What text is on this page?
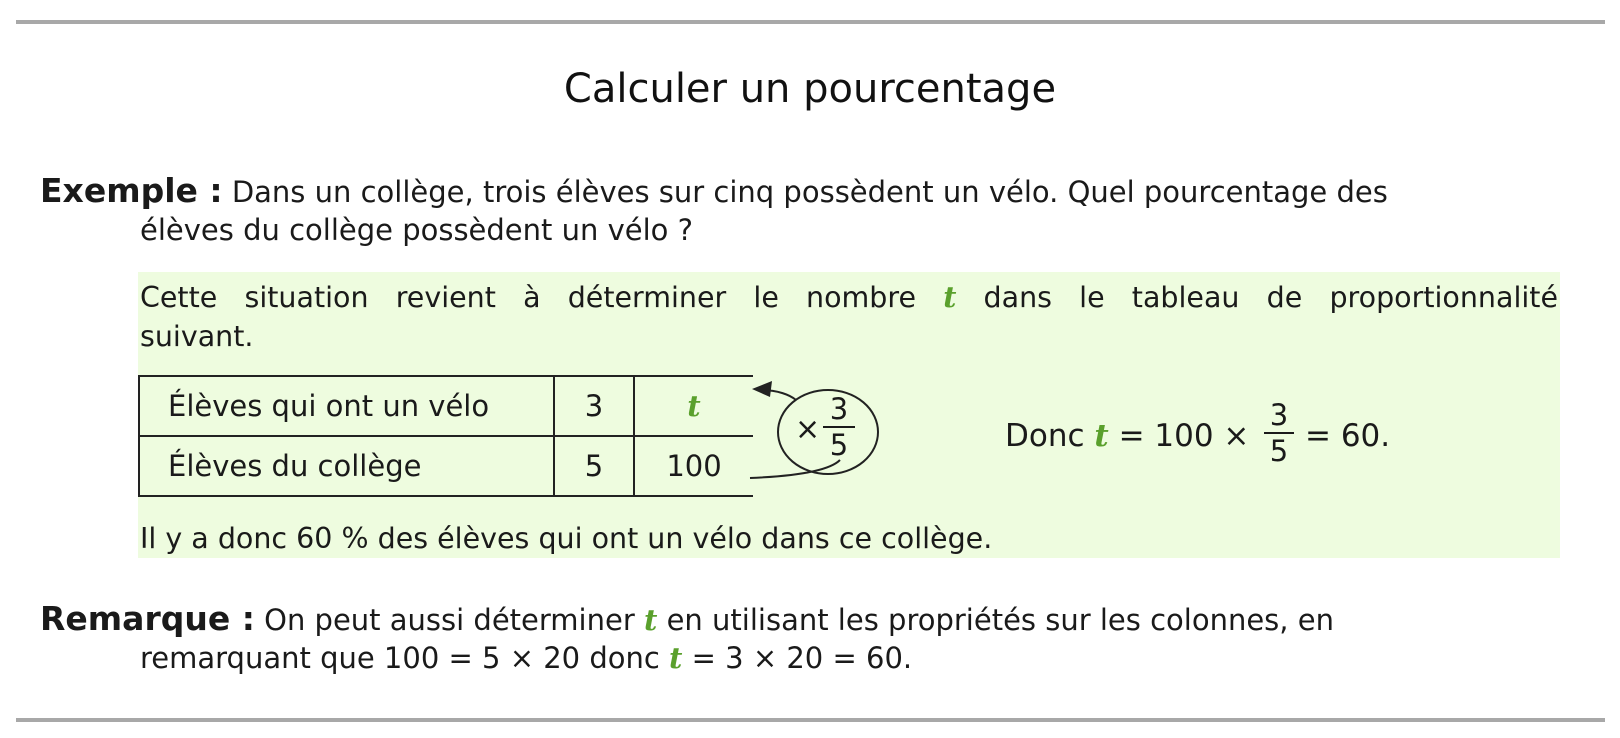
Calculer un pourcentage
Exemple : Dans un collège, trois élèves sur cinq possèdent un vélo. Quel pourcentage des
élèves du collège possèdent un vélo ?
Cette situation revient à déterminer le nombre t dans le tableau de proportionnalité
suivant.
Élèves qui ont un vélo	3	t
Élèves du collège	5	100
×
3
5	Donc t = 100 ×
3
5 = 60.
Il y a donc 60 % des élèves qui ont un vélo dans ce collège.
Remarque : On peut aussi déterminer t en utilisant les propriétés sur les colonnes, en
remarquant que 100 = 5 × 20 donc t = 3 × 20 = 60.
